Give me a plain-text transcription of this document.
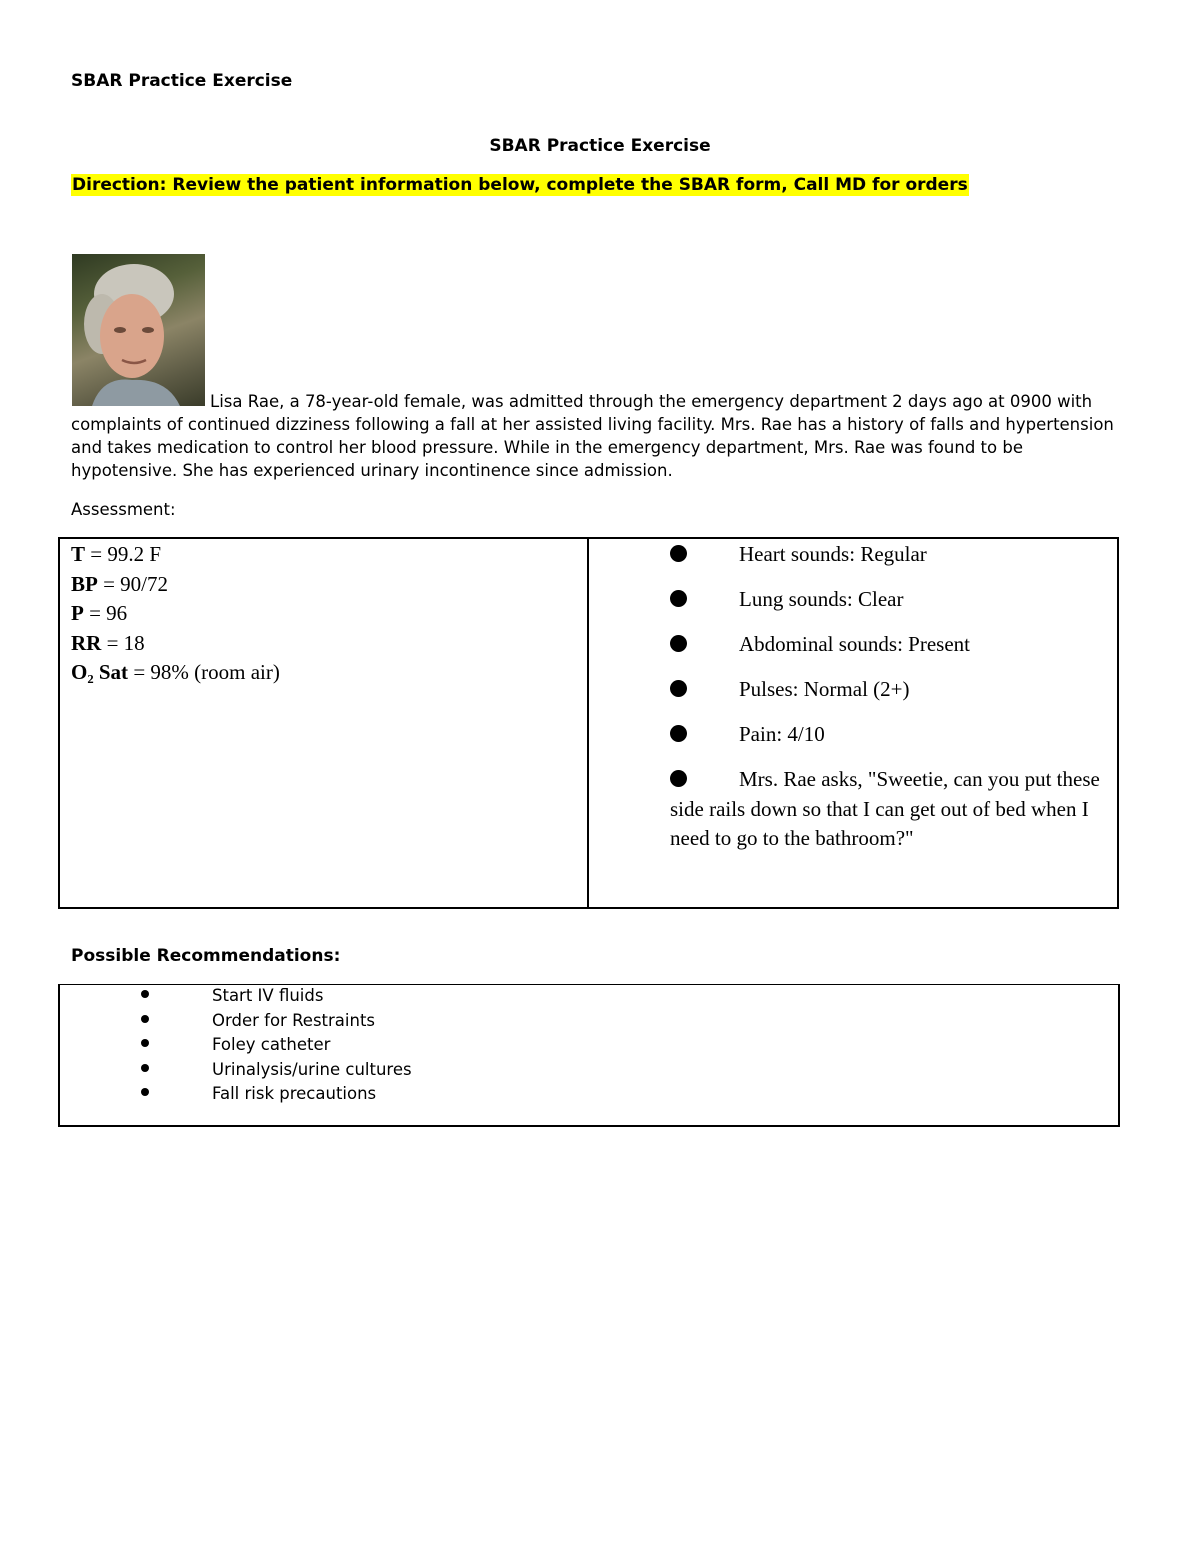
SBAR Practice Exercise
SBAR Practice Exercise
Direction: Review the patient information below, complete the SBAR form, Call MD for orders
Lisa Rae, a 78-year-old female, was admitted through the emergency department 2 days ago at 0900 with complaints of continued dizziness following a fall at her assisted living facility. Mrs. Rae has a history of falls and hypertension and takes medication to control her blood pressure. While in the emergency department, Mrs. Rae was found to be hypotensive. She has experienced urinary incontinence since admission.
Assessment:
T = 99.2 F
BP = 90/72
P = 96
RR = 18
O₂ Sat = 98% (room air)
Heart sounds: Regular
Lung sounds: Clear
Abdominal sounds: Present
Pulses: Normal (2+)
Pain: 4/10
Mrs. Rae asks, "Sweetie, can you put these side rails down so that I can get out of bed when I need to go to the bathroom?"
Possible Recommendations:
Start IV fluids
Order for Restraints
Foley catheter
Urinalysis/urine cultures
Fall risk precautions
